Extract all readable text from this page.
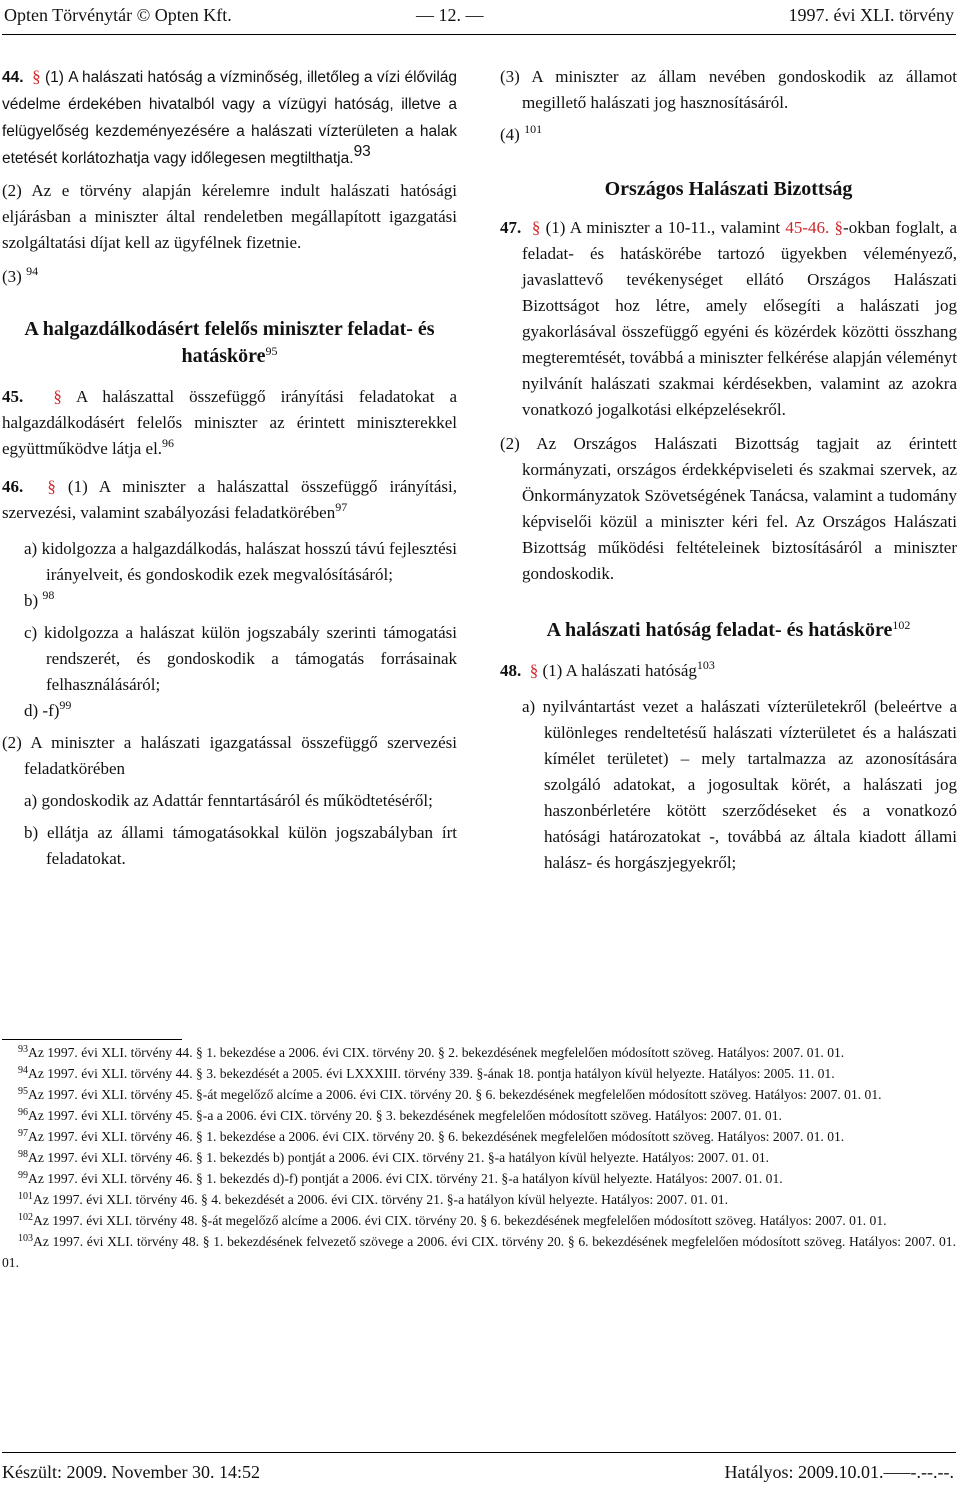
Opten Törvénytár © Opten Kft.	— 12. —	1997. évi XLI. törvény

44. § (1) A halászati hatóság a vízminőség, illetőleg a vízi élővilág védelme érdekében hivatalból vagy a vízügyi hatóság, illetve a felügyelőség kezdeményezésére a halászati vízterületen a halak etetését korlátozhatja vagy időlegesen megtilthatja.$^{93}$

(2) Az e törvény alapján kérelemre indult halászati hatósági eljárásban a miniszter által rendeletben megállapított igazgatási szolgáltatási díjat kell az ügyfélnek fizetnie.

(3) $^{94}$

A halgazdálkodásért felelős miniszter feladat- és hatásköre$^{95}$

45. § A halászattal összefüggő irányítási feladatokat a halgazdálkodásért felelős miniszter az érintett miniszterekkel együttműködve látja el.$^{96}$

46. § (1) A miniszter a halászattal összefüggő irányítási, szervezési, valamint szabályozási feladatkörében$^{97}$

a) kidolgozza a halgazdálkodás, halászat hosszú távú fejlesztési irányelveit, és gondoskodik ezek megvalósításáról;

b) $^{98}$

c) kidolgozza a halászat külön jogszabály szerinti támogatási rendszerét, és gondoskodik a támogatás forrásainak felhasználásáról;

d) -f)$^{99}$

(2) A miniszter a halászati igazgatással összefüggő szervezési feladatkörében

a) gondoskodik az Adattár fenntartásáról és működtetéséről;

b) ellátja az állami támogatásokkal külön jogszabályban írt feladatokat.

(3) A miniszter az állam nevében gondoskodik az államot megillető halászati jog hasznosításáról.

(4) $^{101}$

Országos Halászati Bizottság

47. § (1) A miniszter a 10-11., valamint 45-46. §-okban foglalt, a feladat- és hatáskörébe tartozó ügyekben véleményező, javaslattevő tevékenységet ellátó Országos Halászati Bizottságot hoz létre, amely elősegíti a halászati jog gyakorlásával összefüggő egyéni és közérdek közötti összhang megteremtését, továbbá a miniszter felkérése alapján véleményt nyilvánít halászati szakmai kérdésekben, valamint az azokra vonatkozó jogalkotási elképzelésekről.

(2) Az Országos Halászati Bizottság tagjait az érintett kormányzati, országos érdekképviseleti és szakmai szervek, az Önkormányzatok Szövetségének Tanácsa, valamint a tudomány képviselői közül a miniszter kéri fel. Az Országos Halászati Bizottság működési feltételeinek biztosításáról a miniszter gondoskodik.

A halászati hatóság feladat- és hatásköre$^{102}$

48. § (1) A halászati hatóság$^{103}$

a) nyilvántartást vezet a halászati vízterületekről (beleértve a különleges rendeltetésű halászati vízterületet és a halászati kímélet területet) – mely tartalmazza az azonosítására szolgáló adatokat, a jogosultak körét, a halászati jog haszonbérletére kötött szerződéseket és a vonatkozó hatósági határozatokat -, továbbá az általa kiadott állami halász- és horgászjegyekről;

$^{93}$Az 1997. évi XLI. törvény 44. § 1. bekezdése a 2006. évi CIX. törvény 20. § 2. bekezdésének megfelelően módosított szöveg. Hatályos: 2007. 01. 01.

$^{94}$Az 1997. évi XLI. törvény 44. § 3. bekezdését a 2005. évi LXXXIII. törvény 339. §-ának 18. pontja hatályon kívül helyezte. Hatályos: 2005. 11. 01.

$^{95}$Az 1997. évi XLI. törvény 45. §-át megelőző alcíme a 2006. évi CIX. törvény 20. § 6. bekezdésének megfelelően módosított szöveg. Hatályos: 2007. 01. 01.

$^{96}$Az 1997. évi XLI. törvény 45. §-a a 2006. évi CIX. törvény 20. § 3. bekezdésének megfelelően módosított szöveg. Hatályos: 2007. 01. 01.

$^{97}$Az 1997. évi XLI. törvény 46. § 1. bekezdése a 2006. évi CIX. törvény 20. § 6. bekezdésének megfelelően módosított szöveg. Hatályos: 2007. 01. 01.

$^{98}$Az 1997. évi XLI. törvény 46. § 1. bekezdés b) pontját a 2006. évi CIX. törvény 21. §-a hatályon kívül helyezte. Hatályos: 2007. 01. 01.

$^{99}$Az 1997. évi XLI. törvény 46. § 1. bekezdés d)-f) pontját a 2006. évi CIX. törvény 21. §-a hatályon kívül helyezte. Hatályos: 2007. 01. 01.

$^{101}$Az 1997. évi XLI. törvény 46. § 4. bekezdését a 2006. évi CIX. törvény 21. §-a hatályon kívül helyezte. Hatályos: 2007. 01. 01.

$^{102}$Az 1997. évi XLI. törvény 48. §-át megelőző alcíme a 2006. évi CIX. törvény 20. § 6. bekezdésének megfelelően módosított szöveg. Hatályos: 2007. 01. 01.

$^{103}$Az 1997. évi XLI. törvény 48. § 1. bekezdésének felvezető szövege a 2006. évi CIX. törvény 20. § 6. bekezdésének megfelelően módosított szöveg. Hatályos: 2007. 01. 01.

Készült: 2009. November 30. 14:52	Hatályos: 2009.10.01.–––-.--.--.
